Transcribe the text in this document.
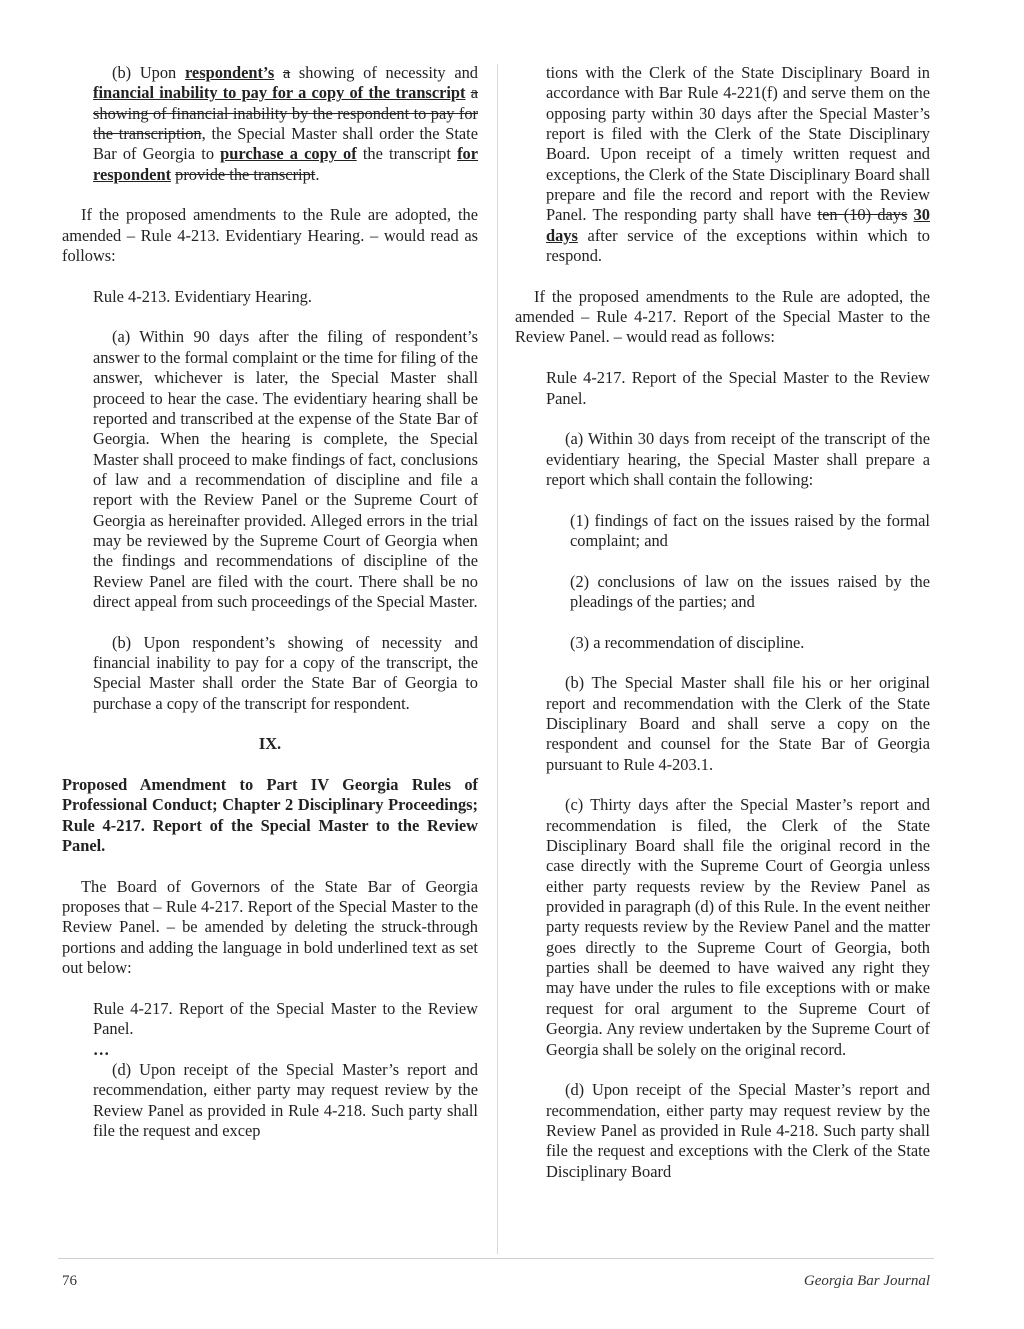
(b) Upon respondent’s a showing of necessity and financial inability to pay for a copy of the transcript a showing of financial inability by the respondent to pay for the transcription, the Special Master shall order the State Bar of Georgia to purchase a copy of the transcript for respondent provide the transcript.

If the proposed amendments to the Rule are adopted, the amended – Rule 4-213. Evidentiary Hearing. – would read as follows:

Rule 4-213. Evidentiary Hearing.

(a) Within 90 days after the filing of respondent’s answer to the formal complaint or the time for filing of the answer, whichever is later, the Special Master shall proceed to hear the case. The evidentiary hearing shall be reported and transcribed at the expense of the State Bar of Georgia. When the hearing is complete, the Special Master shall proceed to make findings of fact, conclusions of law and a recommendation of discipline and file a report with the Review Panel or the Supreme Court of Georgia as hereinafter provided. Alleged errors in the trial may be reviewed by the Supreme Court of Georgia when the findings and recommendations of discipline of the Review Panel are filed with the court. There shall be no direct appeal from such proceedings of the Special Master.

(b) Upon respondent’s showing of necessity and financial inability to pay for a copy of the transcript, the Special Master shall order the State Bar of Georgia to purchase a copy of the transcript for respondent.

IX.

Proposed Amendment to Part IV Georgia Rules of Professional Conduct; Chapter 2 Disciplinary Proceedings; Rule 4-217. Report of the Special Master to the Review Panel.

The Board of Governors of the State Bar of Georgia proposes that – Rule 4-217. Report of the Special Master to the Review Panel. – be amended by deleting the struck-through portions and adding the language in bold underlined text as set out below:

Rule 4-217. Report of the Special Master to the Review Panel.

…

(d) Upon receipt of the Special Master’s report and recommendation, either party may request review by the Review Panel as provided in Rule 4-218. Such party shall file the request and excep

tions with the Clerk of the State Disciplinary Board in accordance with Bar Rule 4-221(f) and serve them on the opposing party within 30 days after the Special Master’s report is filed with the Clerk of the State Disciplinary Board. Upon receipt of a timely written request and exceptions, the Clerk of the State Disciplinary Board shall prepare and file the record and report with the Review Panel. The responding party shall have ten (10) days 30 days after service of the exceptions within which to respond.

If the proposed amendments to the Rule are adopted, the amended – Rule 4-217. Report of the Special Master to the Review Panel. – would read as follows:

Rule 4-217. Report of the Special Master to the Review Panel.

(a) Within 30 days from receipt of the transcript of the evidentiary hearing, the Special Master shall prepare a report which shall contain the following:

(1) findings of fact on the issues raised by the formal complaint; and

(2) conclusions of law on the issues raised by the pleadings of the parties; and

(3) a recommendation of discipline.

(b) The Special Master shall file his or her original report and recommendation with the Clerk of the State Disciplinary Board and shall serve a copy on the respondent and counsel for the State Bar of Georgia pursuant to Rule 4-203.1.

(c) Thirty days after the Special Master’s report and recommendation is filed, the Clerk of the State Disciplinary Board shall file the original record in the case directly with the Supreme Court of Georgia unless either party requests review by the Review Panel as provided in paragraph (d) of this Rule. In the event neither party requests review by the Review Panel and the matter goes directly to the Supreme Court of Georgia, both parties shall be deemed to have waived any right they may have under the rules to file exceptions with or make request for oral argument to the Supreme Court of Georgia. Any review undertaken by the Supreme Court of Georgia shall be solely on the original record.

(d) Upon receipt of the Special Master’s report and recommendation, either party may request review by the Review Panel as provided in Rule 4-218. Such party shall file the request and exceptions with the Clerk of the State Disciplinary Board

76	Georgia Bar Journal
